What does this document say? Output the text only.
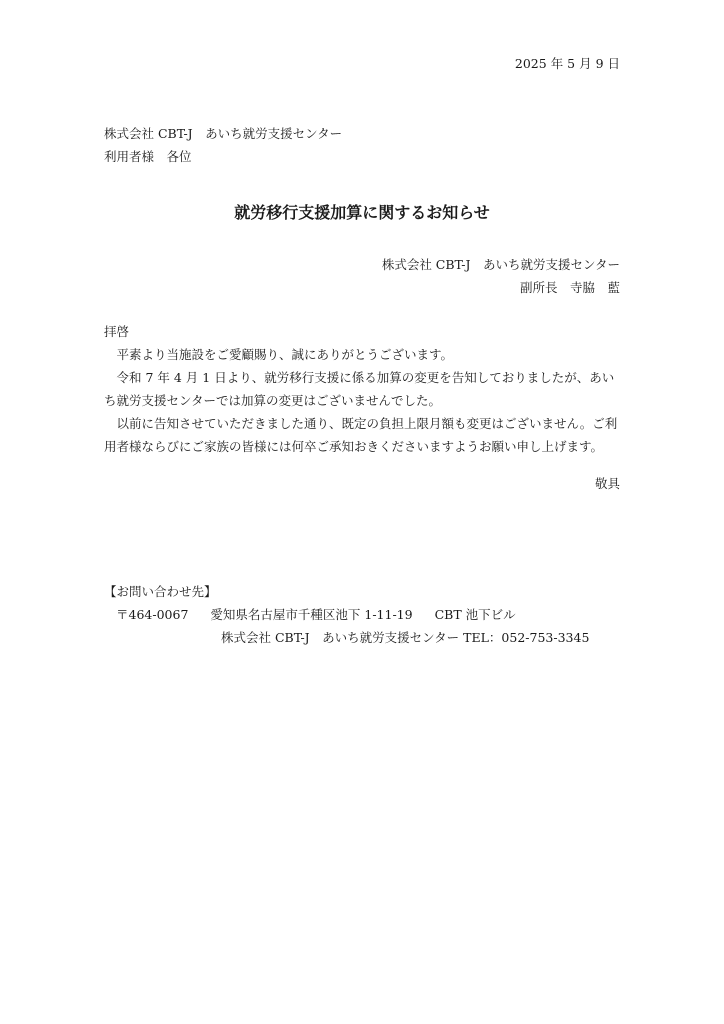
2025 年 5 月 9 日
株式会社 CBT-J　あいち就労支援センター
利用者様　各位
就労移行支援加算に関するお知らせ
株式会社 CBT-J　あいち就労支援センター
副所長　寺脇　藍

拝啓

平素より当施設をご愛顧賜り、誠にありがとうございます。

令和 7 年 4 月 1 日より、就労移行支援に係る加算の変更を告知しておりましたが、あいち就労支援センターでは加算の変更はございませんでした。

以前に告知させていただきました通り、既定の負担上限月額も変更はございません。ご利用者様ならびにご家族の皆様には何卒ご承知おきくださいますようお願い申し上げます。

敬具
【お問い合わせ先】
〒464-0067 愛知県名古屋市千種区池下 1-11-19 CBT 池下ビル
株式会社 CBT-J　あいち就労支援センター TEL：052-753-3345
